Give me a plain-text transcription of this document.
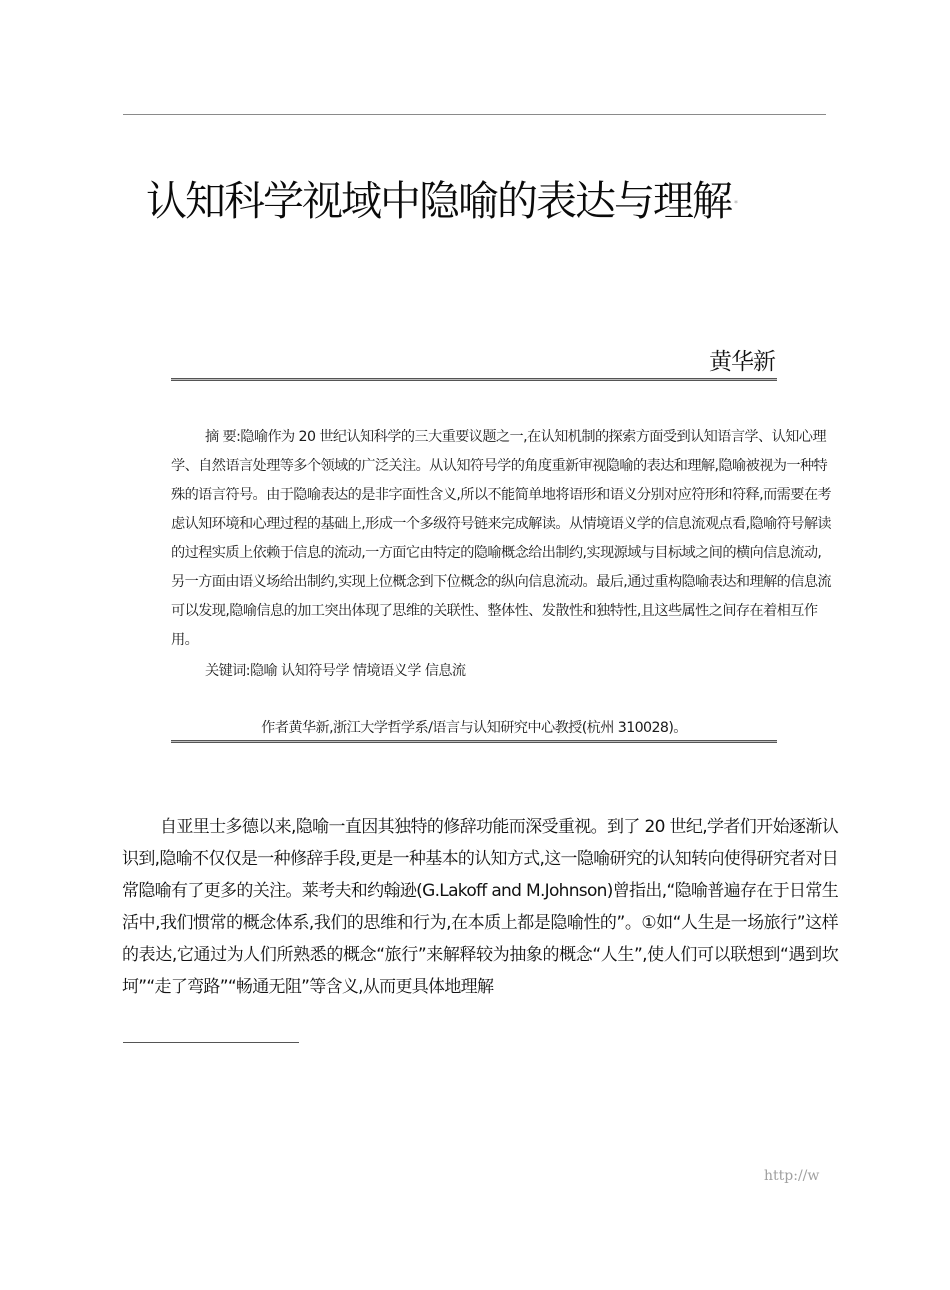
认知科学视域中隐喻的表达与理解 *
黄华新

摘 要:隐喻作为 20 世纪认知科学的三大重要议题之一,在认知机制的探索方面受到认知语言学、认知心理学、自然语言处理等多个领域的广泛关注。从认知符号学的角度重新审视隐喻的表达和理解,隐喻被视为一种特殊的语言符号。由于隐喻表达的是非字面性含义,所以不能简单地将语形和语义分别对应符形和符释,而需要在考虑认知环境和心理过程的基础上,形成一个多级符号链来完成解读。从情境语义学的信息流观点看,隐喻符号解读的过程实质上依赖于信息的流动,一方面它由特定的隐喻概念给出制约,实现源域与目标域之间的横向信息流动,另一方面由语义场给出制约,实现上位概念到下位概念的纵向信息流动。最后,通过重构隐喻表达和理解的信息流可以发现,隐喻信息的加工突出体现了思维的关联性、整体性、发散性和独特性,且这些属性之间存在着相互作用。

关键词:隐喻 认知符号学 情境语义学 信息流
作者黄华新,浙江大学哲学系/语言与认知研究中心教授(杭州 310028)。

自亚里士多德以来,隐喻一直因其独特的修辞功能而深受重视。到了 20 世纪,学者们开始逐渐认识到,隐喻不仅仅是一种修辞手段,更是一种基本的认知方式,这一隐喻研究的认知转向使得研究者对日常隐喻有了更多的关注。莱考夫和约翰逊(G.Lakoff and M.Johnson)曾指出,“隐喻普遍存在于日常生活中,我们惯常的概念体系,我们的思维和行为,在本质上都是隐喻性的”。①如“人生是一场旅行”这样的表达,它通过为人们所熟悉的概念“旅行”来解释较为抽象的概念“人生”,使人们可以联想到“遇到坎坷”“走了弯路”“畅通无阻”等含义,从而更具体地理解

http://w
